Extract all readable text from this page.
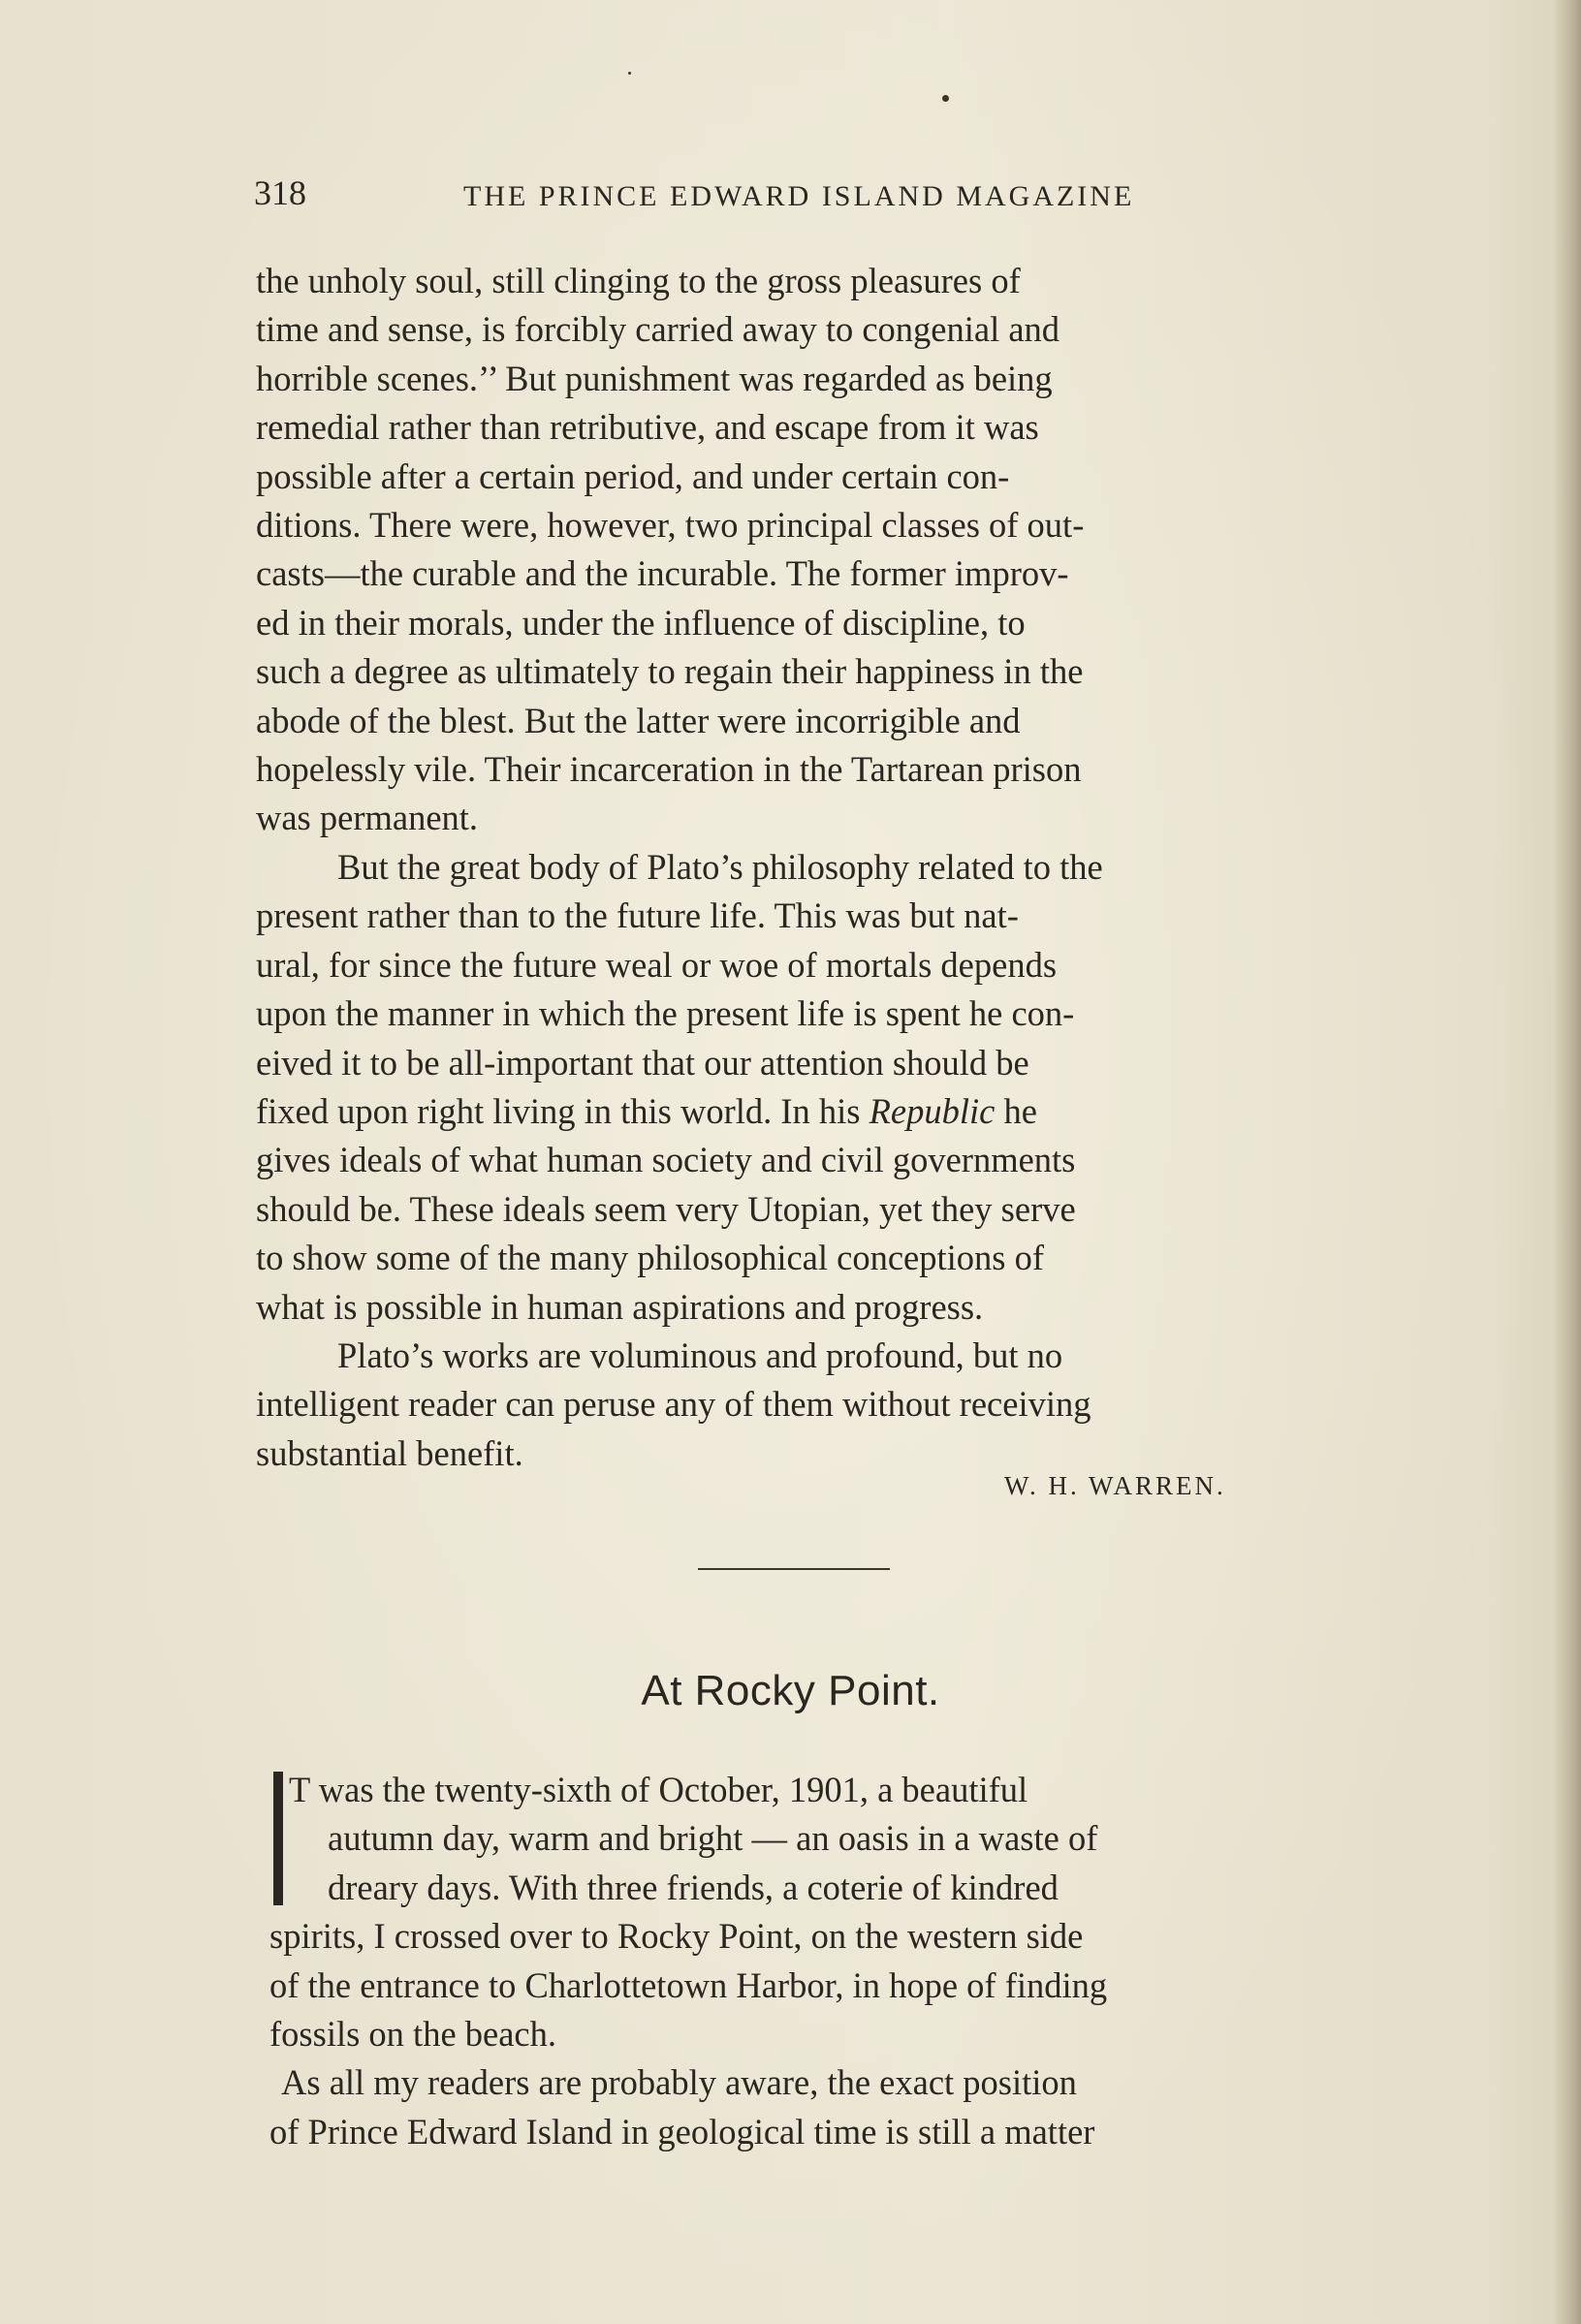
318	THE PRINCE EDWARD ISLAND MAGAZINE
the unholy soul, still clinging to the gross pleasures of
time and sense, is forcibly carried away to congenial and
horrible scenes.’’ But punishment was regarded as being
remedial rather than retributive, and escape from it was
possible after a certain period, and under certain con-
ditions. There were, however, two principal classes of out-
casts—the curable and the incurable. The former improv-
ed in their morals, under the influence of discipline, to
such a degree as ultimately to regain their happiness in the
abode of the blest. But the latter were incorrigible and
hopelessly vile. Their incarceration in the Tartarean prison
was permanent.
But the great body of Plato’s philosophy related to the
present rather than to the future life. This was but nat-
ural, for since the future weal or woe of mortals depends
upon the manner in which the present life is spent he con-
eived it to be all-important that our attention should be
fixed upon right living in this world. In his Republic he
gives ideals of what human society and civil governments
should be. These ideals seem very Utopian, yet they serve
to show some of the many philosophical conceptions of
what is possible in human aspirations and progress.
Plato’s works are voluminous and profound, but no
intelligent reader can peruse any of them without receiving
substantial benefit.
W. H. WARREN.
At Rocky Point.
T was the twenty-sixth of October, 1901, a beautiful
autumn day, warm and bright — an oasis in a waste of
dreary days. With three friends, a coterie of kindred
spirits, I crossed over to Rocky Point, on the western side
of the entrance to Charlottetown Harbor, in hope of finding
fossils on the beach.
As all my readers are probably aware, the exact position
of Prince Edward Island in geological time is still a matter
